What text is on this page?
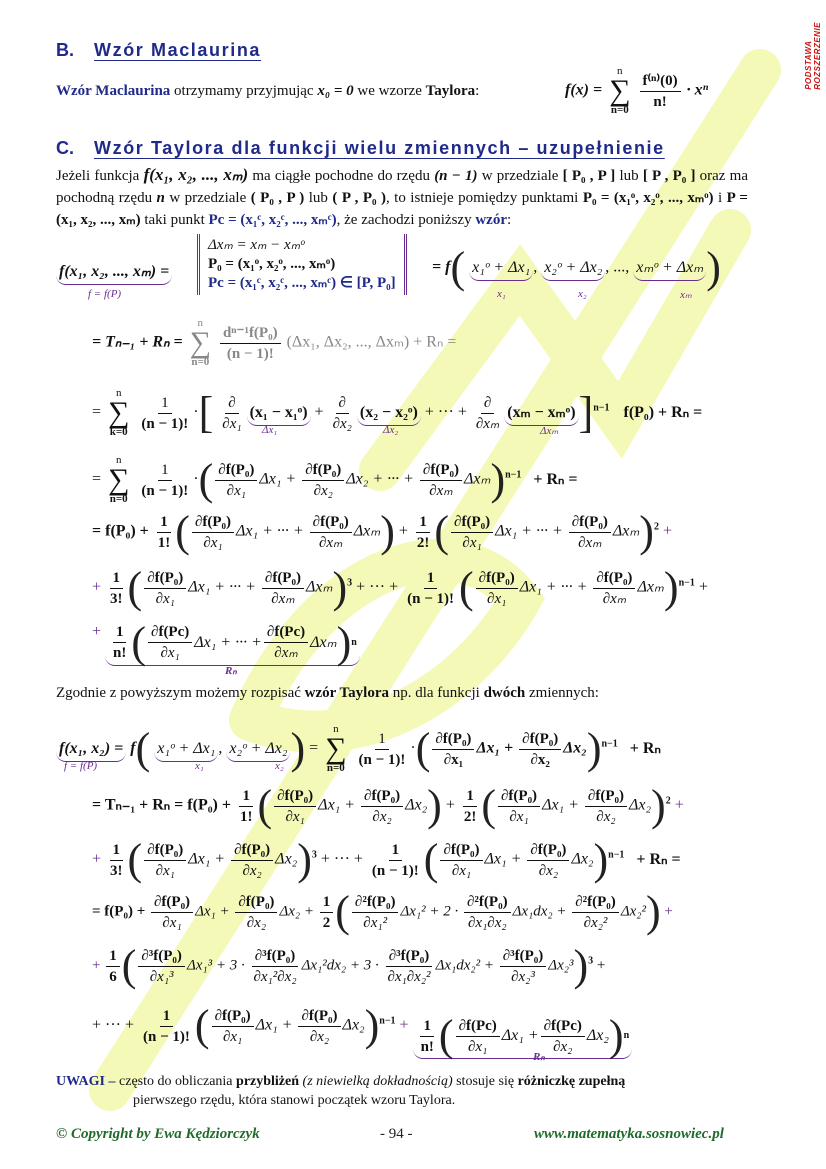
PODSTAWA
ROZSZERZENIE
B. Wzór Maclaurina
Wzór Maclaurina otrzymamy przyjmując x₀ = 0 we wzorze Taylora:	f(x) =
n
∑
n=0
$\frac{\text{f⁽ⁿ⁾(0)}}{n!} \cdot x^n$
C. Wzór Taylora dla funkcji wielu zmiennych – uzupełnienie
Jeżeli funkcja f(x₁, x₂, ..., xₘ) ma ciągłe pochodne do rzędu (n − 1) w przedziale [ P₀ , P ] lub [ P , P₀ ] oraz ma pochodną rzędu n w przedziale ( P₀ , P ) lub ( P , P₀ ), to istnieje pomiędzy punktami P₀ = (x₁ᵒ, x₂ᵒ, ..., xₘᵒ) i P = (x₁, x₂, ..., xₘ) taki punkt Pc = (x₁ᶜ, x₂ᶜ, ..., xₘᶜ), że zachodzi poniższy wzór:
f(x₁, x₂, ..., xₘ) =
f = f(P)
Δxₘ = xₘ − xₘᵒ
P₀ = (x₁ᵒ, x₂ᵒ, ..., xₘᵒ)
Pc = (x₁ᶜ, x₂ᶜ, ..., xₘᶜ) ∈ [P, P₀]
= f( x₁ᵒ + Δx₁ , x₂ᵒ + Δx₂ , ..., xₘᵒ + Δxₘ)
x₁	x₂	xₘ
= Tₙ₋₁ + Rₙ =
n
∑
n=0
$\frac{\text{dⁿ⁻¹f(P₀)}}{(n - 1)!} (\Delta x_1$, Δx₂, ..., Δxₘ) + Rₙ =
=
n
∑
k=0
$\frac{1}{(n - 1)!}$ ·[ $\frac{\partial}{\text{∂x₁}} (x_1$ − x₁ᵒ) + $\frac{\partial}{\text{∂x₂}} (x_2$ − x₂ᵒ) + ··· + $\frac{\partial}{\text{∂xₘ}} (x_m$ − xₘᵒ)]$^{n-1}$ f(P₀) + Rₙ =
Δx₁	Δx₂	Δxₘ
=
n
∑
n=0
$\frac{1}{(n - 1)!}$ ·( $\frac{\text{∂f(P₀)}}{\text{∂x₁}} \Delta x_1 + \frac{\text{∂f(P₀)}}{\text{∂x₂}} \Delta x_2$ + ··· + $\frac{\text{∂f(P₀)}}{\text{∂xₘ}} \Delta x_m)^{n-1} + R_n$ =
= $f(P_0) + \frac{1}{1!}$ ( $\frac{\text{∂f(P₀)}}{\text{∂x₁}} \Delta x_1$ + ··· + $\frac{\text{∂f(P₀)}}{\text{∂xₘ}} \Delta x_m) + \frac{1}{2!}$ ( $\frac{\text{∂f(P₀)}}{\text{∂x₁}} \Delta x_1$ + ··· + $\frac{\text{∂f(P₀)}}{\text{∂xₘ}} \Delta x_m)^2$ +
+ $\frac{1}{3!}$ ( $\frac{\text{∂f(P₀)}}{\text{∂x₁}} \Delta x_1$ + ··· + $\frac{\text{∂f(P₀)}}{\text{∂xₘ}} \Delta x_m)^3$ + ··· + $\frac{1}{(n - 1)!}$ ( $\frac{\text{∂f(P₀)}}{\text{∂x₁}} \Delta x_1$ + ··· + $\frac{\text{∂f(P₀)}}{\text{∂xₘ}} \Delta x_m)^{n-1}$ +
+ $\frac{1}{n!}$ ( $\frac{\partial f(Pc)}{\text{∂x₁}} \Delta x_1$ + ··· + $\frac{\partial f(Pc)}{\text{∂xₘ}}$ Δxₘ ) n
Rₙ
Zgodnie z powyższym możemy rozpisać wzór Taylora np. dla funkcji dwóch zmiennych:
f(x₁, x₂) = f( x₁ᵒ + Δx₁ , x₂ᵒ + Δx₂) =
n
∑
n=0
$\frac{1}{(n - 1)!}$ ·( $\frac{\text{∂f(P₀)}}{\text{∂x₁}} \Delta x_1 + \frac{\text{∂f(P₀)}}{\text{∂x₂}} \Delta x_2)^{n-1} + R_n$
f = f(P)	x₁	x₂
= $T_{n-1} + R_n = f(P_0) + \frac{1}{1!}$ ( $\frac{\text{∂f(P₀)}}{\text{∂x₁}} \Delta x_1 + \frac{\text{∂f(P₀)}}{\text{∂x₂}} \Delta x_2) + \frac{1}{2!}$ ( $\frac{\text{∂f(P₀)}}{\text{∂x₁}} \Delta x_1 + \frac{\text{∂f(P₀)}}{\text{∂x₂}} \Delta x_2)^2$ +
+ $\frac{1}{3!}$ ( $\frac{\text{∂f(P₀)}}{\text{∂x₁}} \Delta x_1 + \frac{\text{∂f(P₀)}}{\text{∂x₂}} \Delta x_2)^3$ + ··· + $\frac{1}{(n - 1)!}$ ( $\frac{\text{∂f(P₀)}}{\text{∂x₁}} \Delta x_1 + \frac{\text{∂f(P₀)}}{\text{∂x₂}} \Delta x_2)^{n-1} + R_n$ =
= $f(P_0) + \frac{\text{∂f(P₀)}}{\text{∂x₁}} \Delta x_1 + \frac{\text{∂f(P₀)}}{\text{∂x₂}} \Delta x_2 + \frac{1}{2}$ ( $\frac{\text{∂²f(P₀)}}{\text{∂x₁²}} \Delta x_1^2 + 2 \cdot \frac{\text{∂²f(P₀)}}{\text{∂x₁∂x₂}} \Delta x_1dx_2 + \frac{\text{∂²f(P₀)}}{\text{∂x₂²}} \Delta x_2^2$) +
+ $\frac{1}{6}$ ( $\frac{\text{∂³f(P₀)}}{\text{∂x₁³}} \Delta x_1^3 + 3 \cdot \frac{\text{∂³f(P₀)}}{\text{∂x₁²∂x₂}} \Delta x_1^2dx_2 + 3 \cdot \frac{\text{∂³f(P₀)}}{\text{∂x₁∂x₂²}} \Delta x_1dx_2^2 + \frac{\text{∂³f(P₀)}}{\text{∂x₂³}} \Delta x_2^3)^3$ +
+ ··· + $\frac{1}{(n - 1)!}$ ( $\frac{\text{∂f(P₀)}}{\text{∂x₁}} \Delta x_1 + \frac{\text{∂f(P₀)}}{\text{∂x₂}} \Delta x_2)^{n-1} + \frac{1}{n!}$ ( $\frac{\partial f(Pc)}{\text{∂x₁}} \Delta x_1 + \frac{\partial f(Pc)}{\text{∂x₂}} \Delta x_2$ ) n
Rₙ
UWAGI – często do obliczania przybliżeń (z niewielką dokładnością) stosuje się różniczkę zupełną
pierwszego rzędu, która stanowi początek wzoru Taylora.
© Copyright by Ewa Kędziorczyk	- 94 -	www.matematyka.sosnowiec.pl
